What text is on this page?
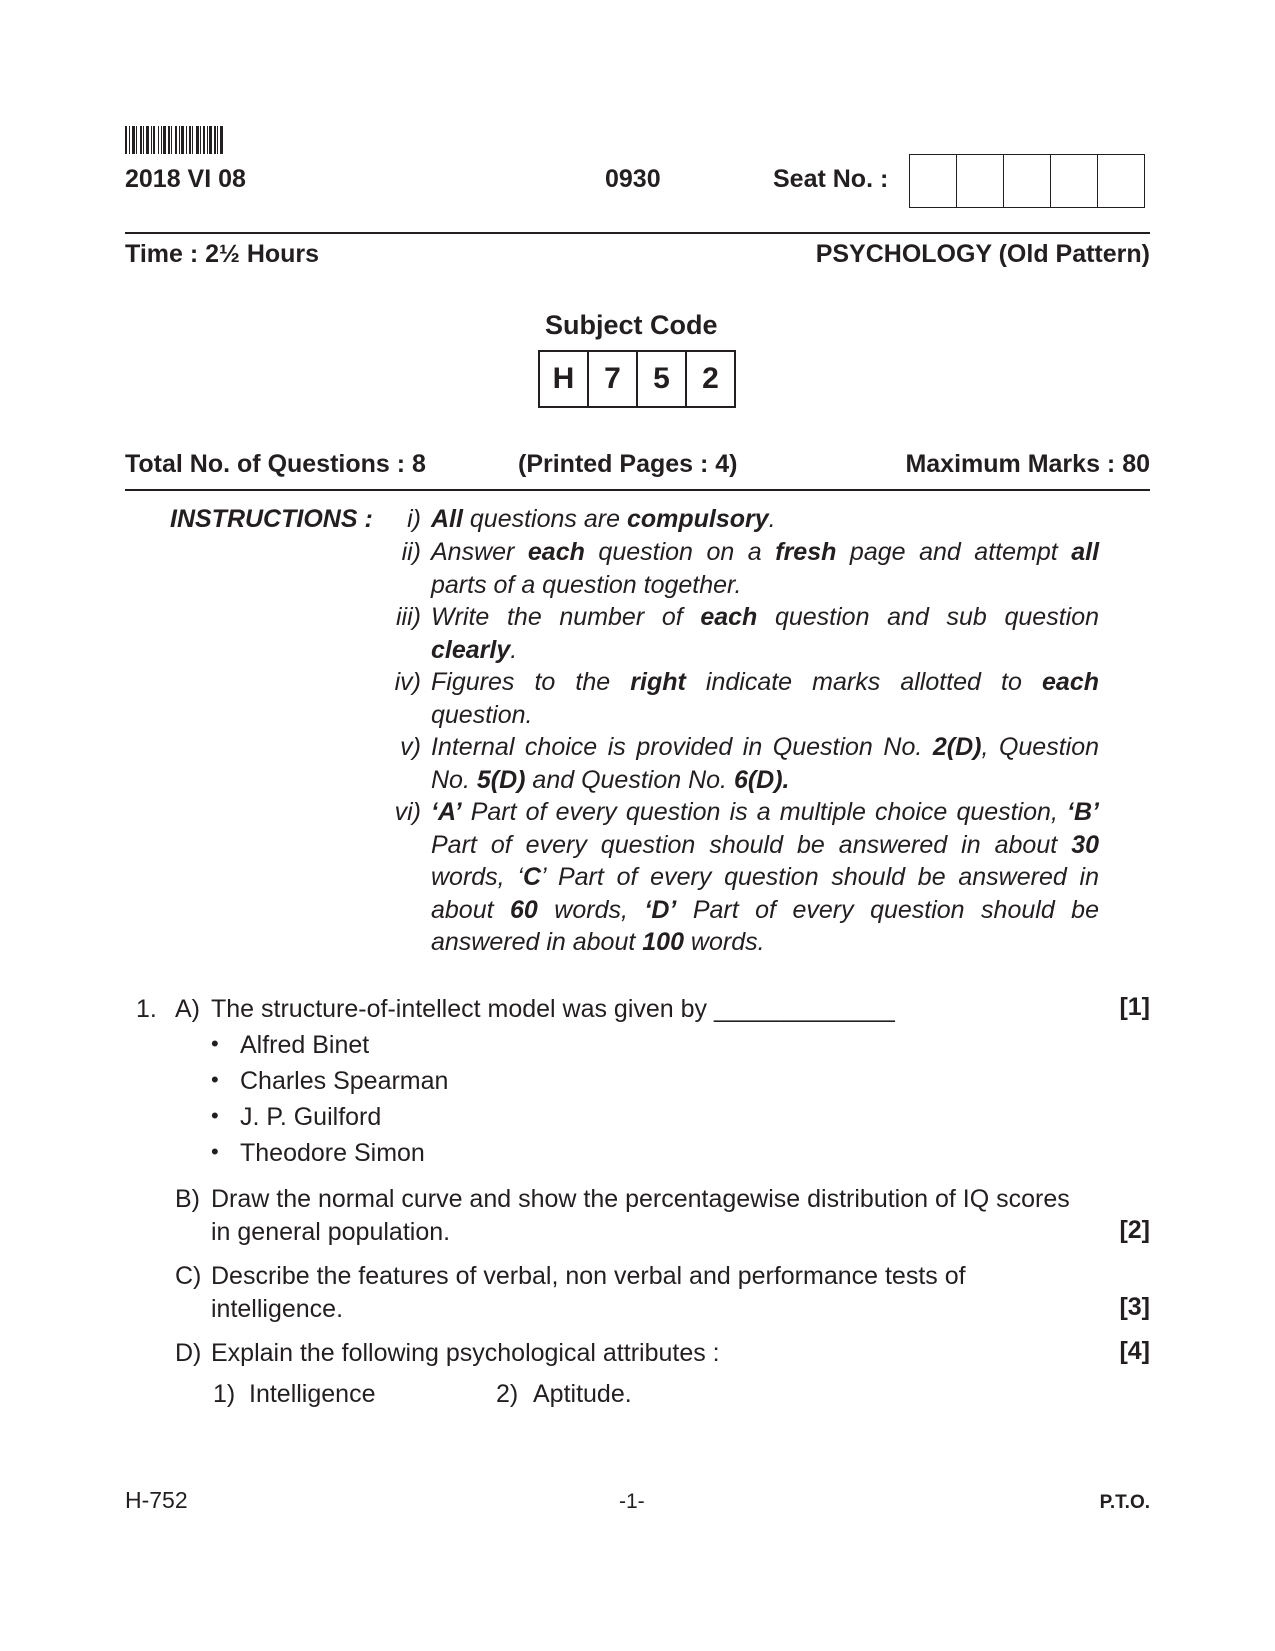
2018 VI 08	0930	Seat No. :
Time : 2½ Hours	PSYCHOLOGY (Old Pattern)
Subject Code
H 7	5	2
Total No. of Questions : 8	(Printed Pages : 4)	Maximum Marks : 80
INSTRUCTIONS :	i) All questions are compulsory.
ii) Answer each question on a fresh page and attempt all parts of a question together.
iii) Write the number of each question and sub question clearly.
iv) Figures to the right indicate marks allotted to each question.
v) Internal choice is provided in Question No. 2(D), Question No. 5(D) and Question No. 6(D).
vi) ‘A’ Part of every question is a multiple choice question, ‘B’ Part of every question should be answered in about 30 words, ‘C’ Part of every question should be answered in about 60 words, ‘D’ Part of every question should be answered in about 100 words.
1. A) The structure-of-intellect model was given by _____________	[1]
• Alfred Binet
• Charles Spearman
• J. P. Guilford
• Theodore Simon
B) Draw the normal curve and show the percentagewise distribution of IQ scores
in general population.	[2]
C) Describe the features of verbal, non verbal and performance tests of
intelligence.	[3]
D) Explain the following psychological attributes :	[4]
1) Intelligence	2) Aptitude.
H-752	-1-	P.T.O.
